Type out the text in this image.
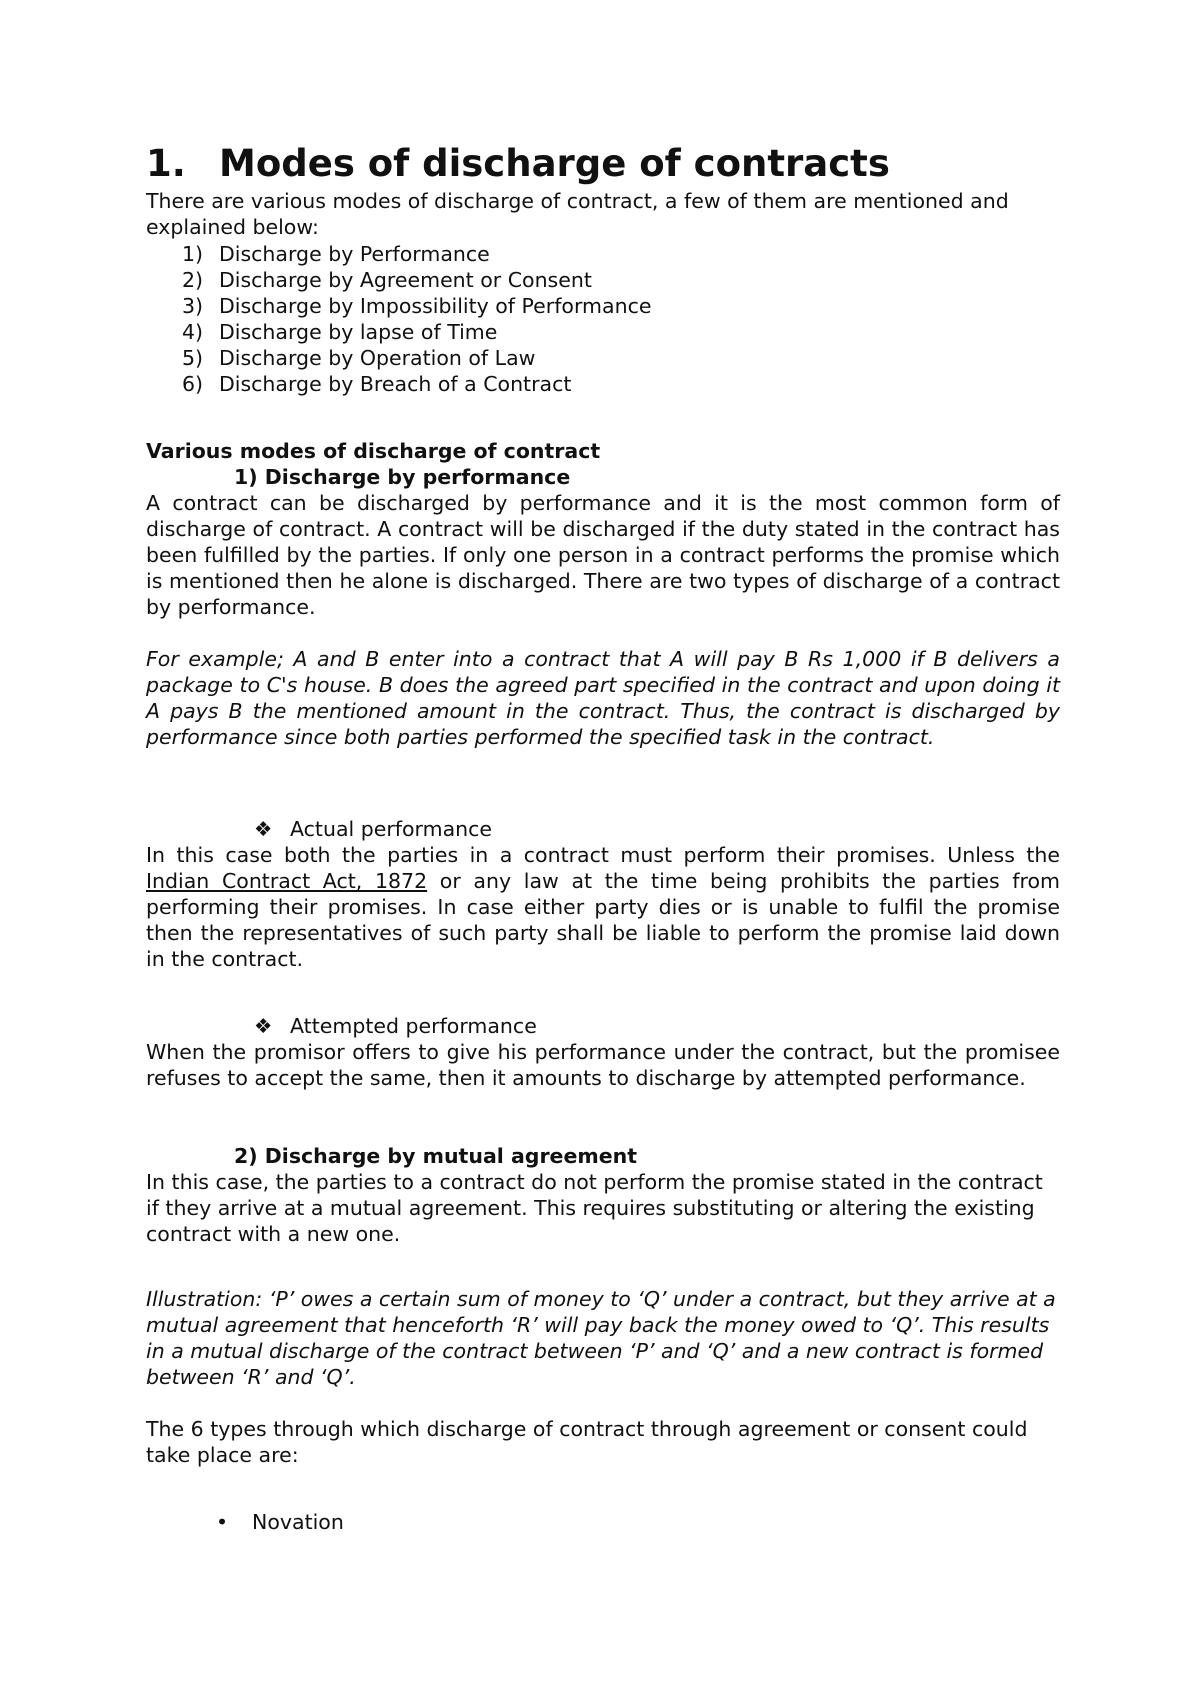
1. Modes of discharge of contracts

There are various modes of discharge of contract, a few of them are mentioned and explained below:

1) Discharge by Performance
2) Discharge by Agreement or Consent
3) Discharge by Impossibility of Performance
4) Discharge by lapse of Time
5) Discharge by Operation of Law
6) Discharge by Breach of a Contract

Various modes of discharge of contract

1) Discharge by performance

A contract can be discharged by performance and it is the most common form of discharge of contract. A contract will be discharged if the duty stated in the contract has been fulfilled by the parties. If only one person in a contract performs the promise which is mentioned then he alone is discharged. There are two types of discharge of a contract by performance.

For example; A and B enter into a contract that A will pay B Rs 1,000 if B delivers a package to C's house. B does the agreed part specified in the contract and upon doing it A pays B the mentioned amount in the contract. Thus, the contract is discharged by performance since both parties performed the specified task in the contract.

❖ Actual performance

In this case both the parties in a contract must perform their promises. Unless the Indian Contract Act, 1872 or any law at the time being prohibits the parties from performing their promises. In case either party dies or is unable to fulfil the promise then the representatives of such party shall be liable to perform the promise laid down in the contract.

❖ Attempted performance

When the promisor offers to give his performance under the contract, but the promisee refuses to accept the same, then it amounts to discharge by attempted performance.

2) Discharge by mutual agreement

In this case, the parties to a contract do not perform the promise stated in the contract if they arrive at a mutual agreement. This requires substituting or altering the existing contract with a new one.

Illustration: ‘P’ owes a certain sum of money to ‘Q’ under a contract, but they arrive at a mutual agreement that henceforth ‘R’ will pay back the money owed to ‘Q’. This results in a mutual discharge of the contract between ‘P’ and ‘Q’ and a new contract is formed between ‘R’ and ‘Q’.

The 6 types through which discharge of contract through agreement or consent could take place are:

• Novation
